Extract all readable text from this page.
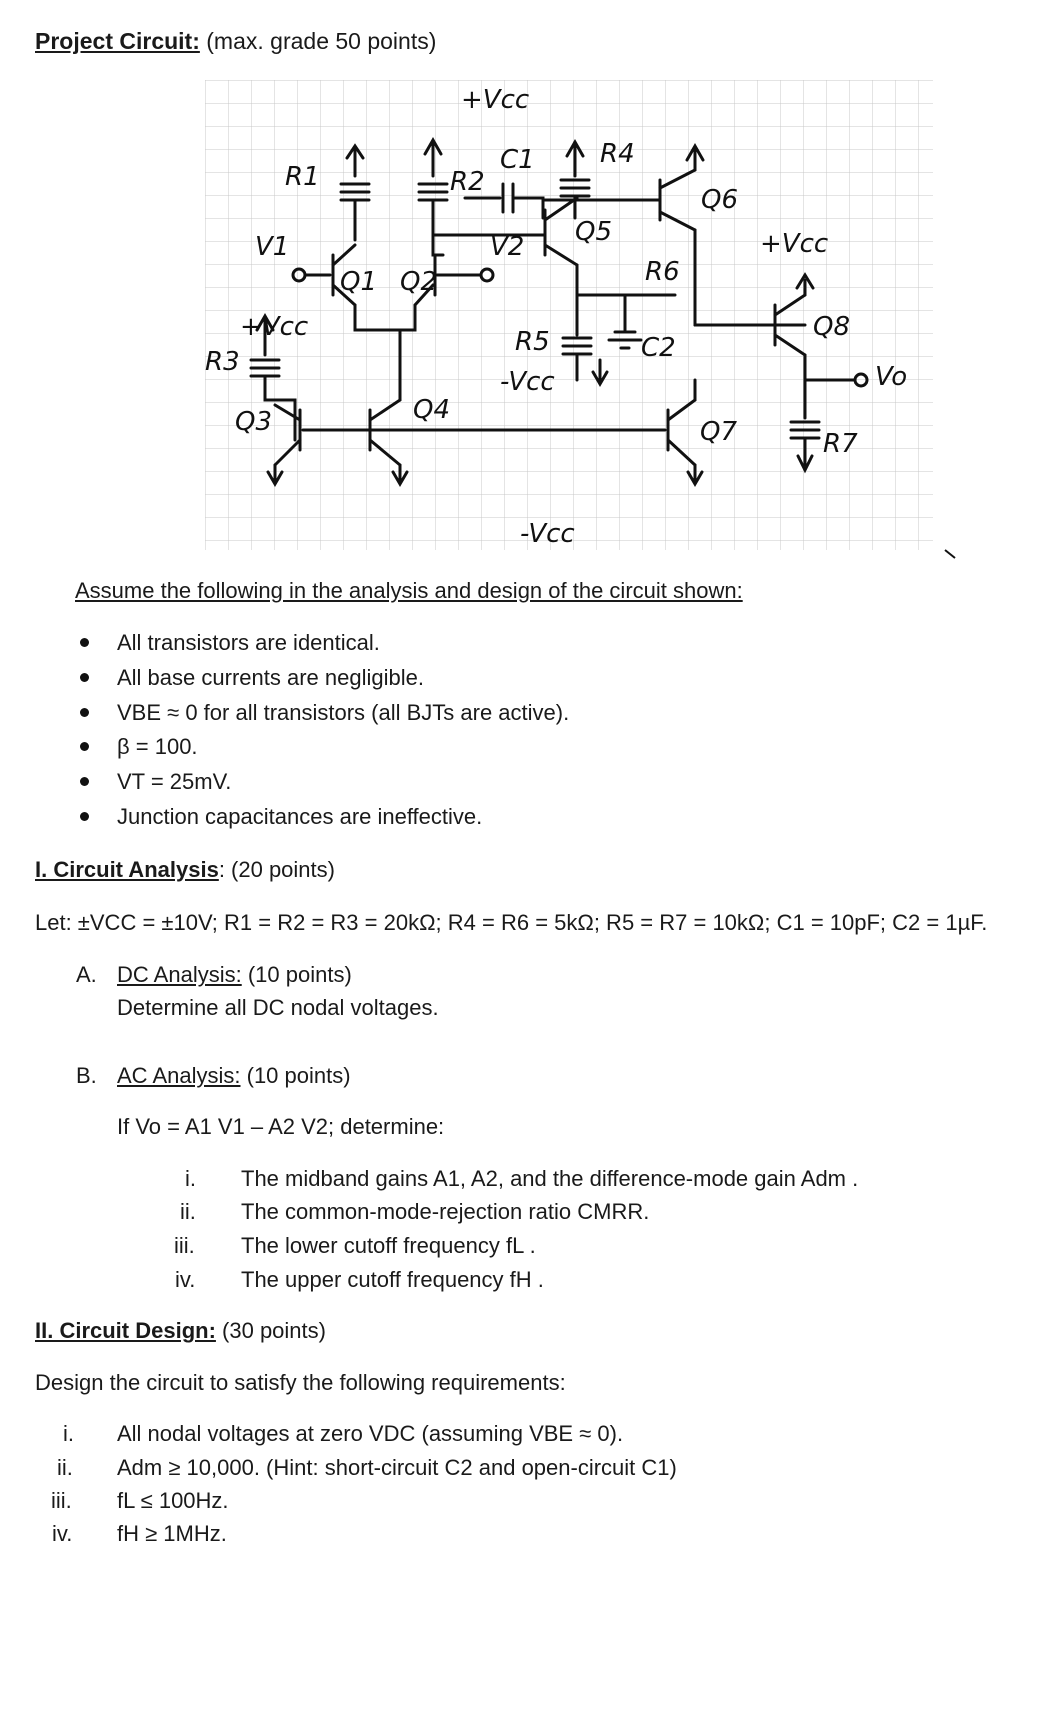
Project Circuit: (max. grade 50 points)
+Vcc
C1	R4
R1	R2
Q6
Q5	+Vcc
V1
Q1 Q2
V2
R6
+Vcc	R5	C2
Q8
R3
-Vcc	Vo
Q3	Q4
Q7	R7
-Vcc
Assume the following in the analysis and design of the circuit shown:
All transistors are identical.
All base currents are negligible.
VBE ≈ 0 for all transistors (all BJTs are active).
β = 100.
VT = 25mV.
Junction capacitances are ineffective.
I. Circuit Analysis: (20 points)
Let: ±VCC = ±10V; R1 = R2 = R3 = 20kΩ; R4 = R6 = 5kΩ; R5 = R7 = 10kΩ; C1 = 10pF; C2 = 1µF.
A. DC Analysis: (10 points)
Determine all DC nodal voltages.
B. AC Analysis: (10 points)
If Vo = A1 V1 – A2 V2; determine:
i. The midband gains A1, A2, and the difference-mode gain Adm .
ii. The common-mode-rejection ratio CMRR.
iii. The lower cutoff frequency fL .
iv. The upper cutoff frequency fH .
II. Circuit Design: (30 points)
Design the circuit to satisfy the following requirements:
i. All nodal voltages at zero VDC (assuming VBE ≈ 0).
ii. Adm ≥ 10,000. (Hint: short-circuit C2 and open-circuit C1)
iii. fL ≤ 100Hz.
iv. fH ≥ 1MHz.
